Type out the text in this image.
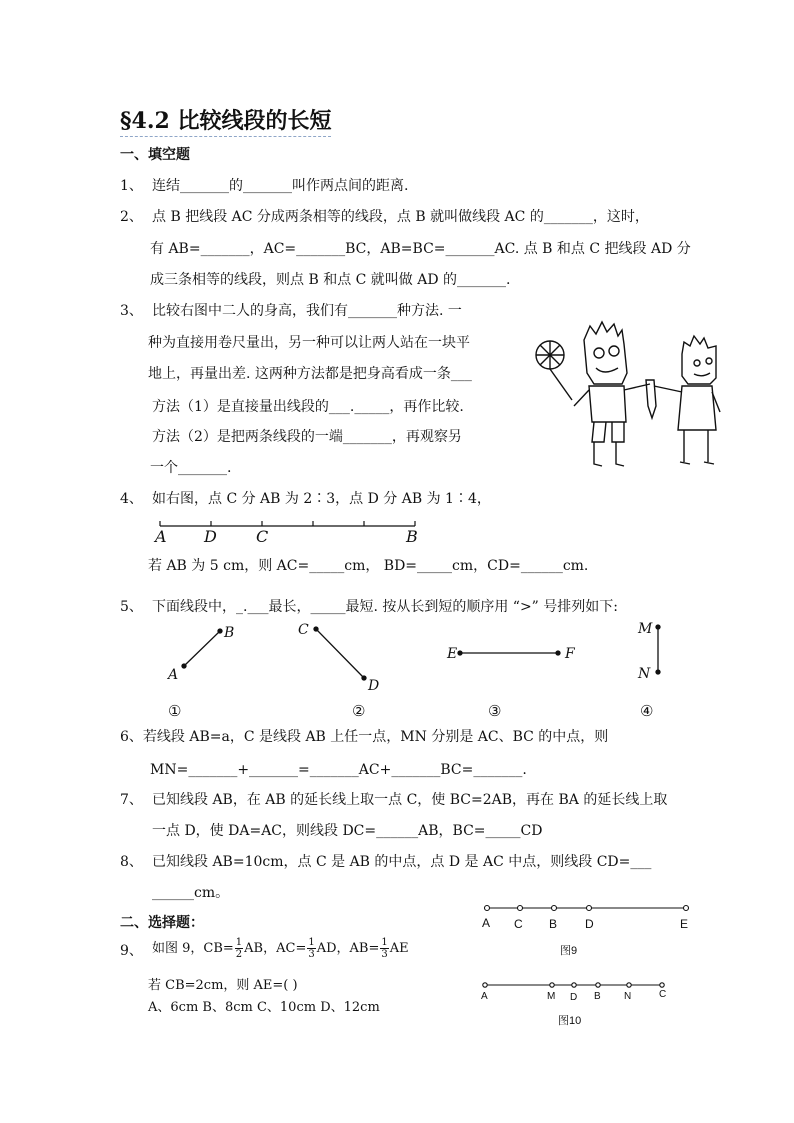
§4.2 比较线段的长短
一、填空题
1、 连结_______的_______叫作两点间的距离.
2、 点 B 把线段 AC 分成两条相等的线段，点 B 就叫做线段 AC 的_______，这时，
有 AB=_______，AC=_______BC，AB=BC=_______AC. 点 B 和点 C 把线段 AD 分
成三条相等的线段，则点 B 和点 C 就叫做 AD 的_______.
3、 比较右图中二人的身高，我们有_______种方法. 一
种为直接用卷尺量出，另一种可以让两人站在一块平
地上，再量出差. 这两种方法都是把身高看成一条___
方法（1）是直接量出线段的___._____，再作比较.
方法（2）是把两条线段的一端_______，再观察另
一个_______.
4、 如右图，点 C 分 AB 为 2∶3，点 D 分 AB 为 1∶4，
A D C	B
若 AB 为 5 cm，则 AC=_____cm， BD=_____cm，CD=______cm.
5、 下面线段中，_.___最长，_____最短. 按从长到短的顺序用 “>” 号排列如下:
A
B	C
D
E	F
M
N
①	②	③	④
6、若线段 AB=a，C 是线段 AB 上任一点，MN 分别是 AC、BC 的中点，则
MN=_______+_______=_______AC+_______BC=_______.
7、 已知线段 AB，在 AB 的延长线上取一点 C，使 BC=2AB，再在 BA 的延长线上取
一点 D，使 DA=AC，则线段 DC=______AB，BC=_____CD
8、 已知线段 AB=10cm，点 C 是 AB 的中点，点 D 是 AC 中点，则线段 CD=___
______cm。
二、选择题：
9、 如图 9，$CB= \frac{1}{2}$ AB，$AC= \frac{1}{3}$ AD，$AB= \frac{1}{3}$ AE
若 CB=2cm，则 AE=( )
A、6cm B、8cm C、10cm D、12cm
A C B D	E
图9
A	M D B N	C
图10
